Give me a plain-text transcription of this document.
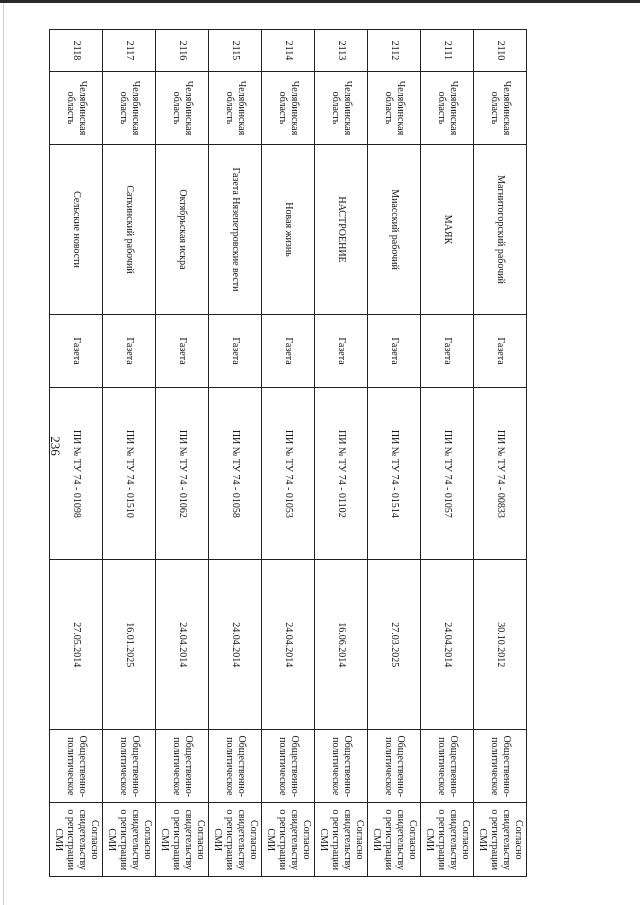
236
2110	Челябинская область	Магнитогорский рабочий	Газета	ПИ № ТУ 74 - 00833	30.10.2012	Общественно-политическое	Согласно свидетельству о регистрации СМИ
2111	Челябинская область	МАЯК	Газета	ПИ № ТУ 74 - 01057	24.04.2014	Общественно-политическое	Согласно свидетельству о регистрации СМИ
2112	Челябинская область	Миасский рабочий	Газета	ПИ № ТУ 74 - 01514	27.03.2025	Общественно-политическое	Согласно свидетельству о регистрации СМИ
2113	Челябинская область	НАСТРОЕНИЕ	Газета	ПИ № ТУ 74 - 01102	16.06.2014	Общественно-политическое	Согласно свидетельству о регистрации СМИ
2114	Челябинская область	Новая жизнь	Газета	ПИ № ТУ 74 - 01053	24.04.2014	Общественно-политическое	Согласно свидетельству о регистрации СМИ
2115	Челябинская область	Газета Нязепетровские вести	Газета	ПИ № ТУ 74 - 01058	24.04.2014	Общественно-политическое	Согласно свидетельству о регистрации СМИ
2116	Челябинская область	Октябрьская искра	Газета	ПИ № ТУ 74 - 01062	24.04.2014	Общественно-политическое	Согласно свидетельству о регистрации СМИ
2117	Челябинская область	Саткинский рабочий	Газета	ПИ № ТУ 74 - 01510	16.01.2025	Общественно-политическое	Согласно свидетельству о регистрации СМИ
2118	Челябинская область	Сельские новости	Газета	ПИ № ТУ 74 - 01098	27.05.2014	Общественно-политическое	Согласно свидетельству о регистрации СМИ
